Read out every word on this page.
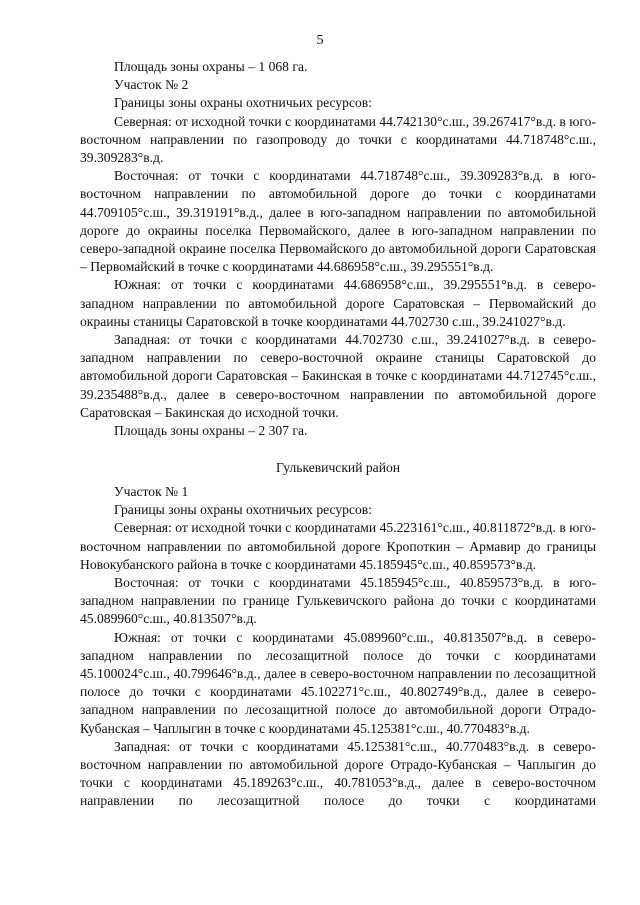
5

Площадь зоны охраны – 1 068 га.

Участок № 2

Границы зоны охраны охотничьих ресурсов:

Северная: от исходной точки с координатами 44.742130°с.ш., 39.267417°в.д. в юго-восточном направлении по газопроводу до точки с координатами 44.718748°с.ш., 39.309283°в.д.

Восточная: от точки с координатами 44.718748°с.ш., 39.309283°в.д. в юго-восточном направлении по автомобильной дороге до точки с координатами 44.709105°с.ш., 39.319191°в.д., далее в юго-западном направлении по автомобильной дороге до окраины поселка Первомайского, далее в юго-западном направлении по северо-западной окраине поселка Первомайского до автомобильной дороги Саратовская – Первомайский в точке с координатами 44.686958°с.ш., 39.295551°в.д.

Южная: от точки с координатами 44.686958°с.ш., 39.295551°в.д. в северо-западном направлении по автомобильной дороге Саратовская – Первомайский до окраины станицы Саратовской в точке координатами 44.702730 с.ш., 39.241027°в.д.

Западная: от точки с координатами 44.702730 с.ш., 39.241027°в.д. в северо-западном направлении по северо-восточной окраине станицы Саратовской до автомобильной дороги Саратовская – Бакинская в точке с координатами 44.712745°с.ш., 39.235488°в.д., далее в северо-восточном направлении по автомобильной дороге Саратовская – Бакинская до исходной точки.

Площадь зоны охраны – 2 307 га.

Гулькевичский район

Участок № 1

Границы зоны охраны охотничьих ресурсов:

Северная: от исходной точки с координатами 45.223161°с.ш., 40.811872°в.д. в юго-восточном направлении по автомобильной дороге Кропоткин – Армавир до границы Новокубанского района в точке с координатами 45.185945°с.ш., 40.859573°в.д.

Восточная: от точки с координатами 45.185945°с.ш., 40.859573°в.д. в юго-западном направлении по границе Гулькевичского района до точки с координатами 45.089960°с.ш., 40.813507°в.д.

Южная: от точки с координатами 45.089960°с.ш., 40.813507°в.д. в северо-западном направлении по лесозащитной полосе до точки с координатами 45.100024°с.ш., 40.799646°в.д., далее в северо-восточном направлении по лесозащитной полосе до точки с координатами 45.102271°с.ш., 40.802749°в.д., далее в северо-западном направлении по лесозащитной полосе до автомобильной дороги Отрадо-Кубанская – Чаплыгин в точке с координатами 45.125381°с.ш., 40.770483°в.д.

Западная: от точки с координатами 45.125381°с.ш., 40.770483°в.д. в северо-восточном направлении по автомобильной дороге Отрадо-Кубанская – Чаплыгин до точки с координатами 45.189263°с.ш., 40.781053°в.д., далее в северо-восточном направлении по лесозащитной полосе до точки с координатами
